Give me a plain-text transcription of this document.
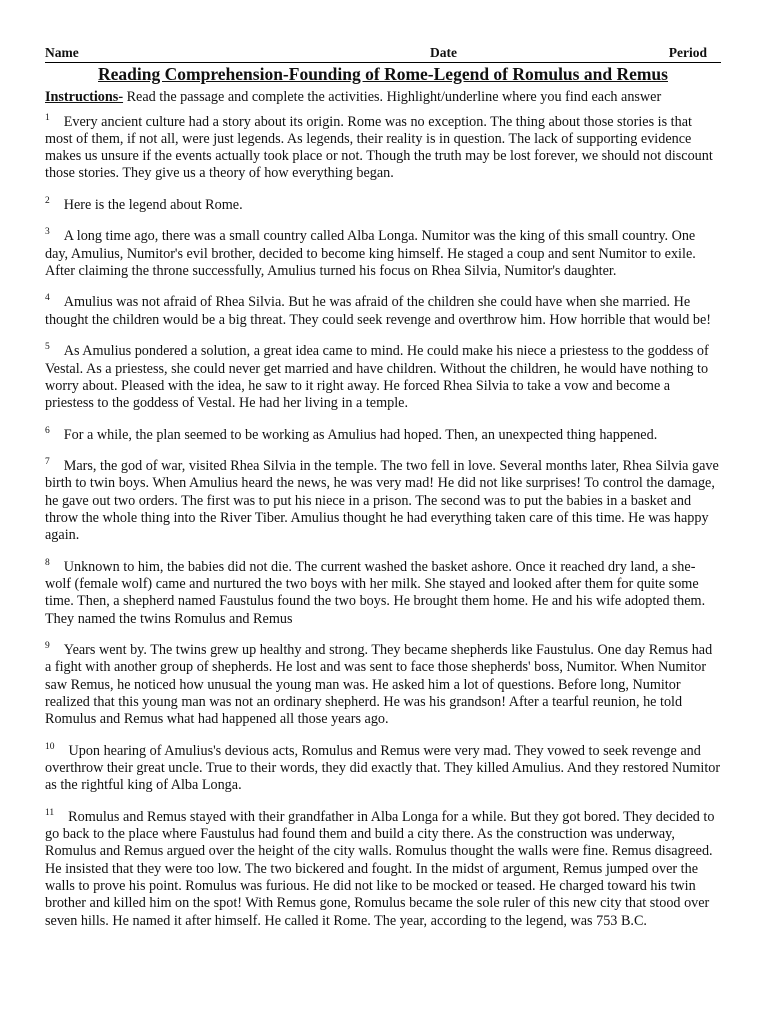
Name	Date	Period
Reading Comprehension-Founding of Rome-Legend of Romulus and Remus
Instructions- Read the passage and complete the activities. Highlight/underline where you find each answer

$^1$ Every ancient culture had a story about its origin. Rome was no exception. The thing about those stories is that most of them, if not all, were just legends. As legends, their reality is in question. The lack of supporting evidence makes us unsure if the events actually took place or not. Though the truth may be lost forever, we should not discount those stories. They give us a theory of how everything began.

$^2$ Here is the legend about Rome.

$^3$ A long time ago, there was a small country called Alba Longa. Numitor was the king of this small country. One day, Amulius, Numitor's evil brother, decided to become king himself. He staged a coup and sent Numitor to exile. After claiming the throne successfully, Amulius turned his focus on Rhea Silvia, Numitor's daughter.

$^4$ Amulius was not afraid of Rhea Silvia. But he was afraid of the children she could have when she married. He thought the children would be a big threat. They could seek revenge and overthrow him. How horrible that would be!

$^5$ As Amulius pondered a solution, a great idea came to mind. He could make his niece a priestess to the goddess of Vestal. As a priestess, she could never get married and have children. Without the children, he would have nothing to worry about. Pleased with the idea, he saw to it right away. He forced Rhea Silvia to take a vow and become a priestess to the goddess of Vestal. He had her living in a temple.

$^6$ For a while, the plan seemed to be working as Amulius had hoped. Then, an unexpected thing happened.

$^7$ Mars, the god of war, visited Rhea Silvia in the temple. The two fell in love. Several months later, Rhea Silvia gave birth to twin boys. When Amulius heard the news, he was very mad! He did not like surprises! To control the damage, he gave out two orders. The first was to put his niece in a prison. The second was to put the babies in a basket and throw the whole thing into the River Tiber. Amulius thought he had everything taken care of this time. He was happy again.

$^8$ Unknown to him, the babies did not die. The current washed the basket ashore. Once it reached dry land, a she-wolf (female wolf) came and nurtured the two boys with her milk. She stayed and looked after them for quite some time. Then, a shepherd named Faustulus found the two boys. He brought them home. He and his wife adopted them. They named the twins Romulus and Remus

$^9$ Years went by. The twins grew up healthy and strong. They became shepherds like Faustulus. One day Remus had a fight with another group of shepherds. He lost and was sent to face those shepherds' boss, Numitor. When Numitor saw Remus, he noticed how unusual the young man was. He asked him a lot of questions. Before long, Numitor realized that this young man was not an ordinary shepherd. He was his grandson! After a tearful reunion, he told Romulus and Remus what had happened all those years ago.

$^{10}$ Upon hearing of Amulius's devious acts, Romulus and Remus were very mad. They vowed to seek revenge and overthrow their great uncle. True to their words, they did exactly that. They killed Amulius. And they restored Numitor as the rightful king of Alba Longa.

$^{11}$ Romulus and Remus stayed with their grandfather in Alba Longa for a while. But they got bored. They decided to go back to the place where Faustulus had found them and build a city there. As the construction was underway, Romulus and Remus argued over the height of the city walls. Romulus thought the walls were fine. Remus disagreed. He insisted that they were too low. The two bickered and fought. In the midst of argument, Remus jumped over the walls to prove his point. Romulus was furious. He did not like to be mocked or teased. He charged toward his twin brother and killed him on the spot! With Remus gone, Romulus became the sole ruler of this new city that stood over seven hills. He named it after himself. He called it Rome. The year, according to the legend, was 753 B.C.
